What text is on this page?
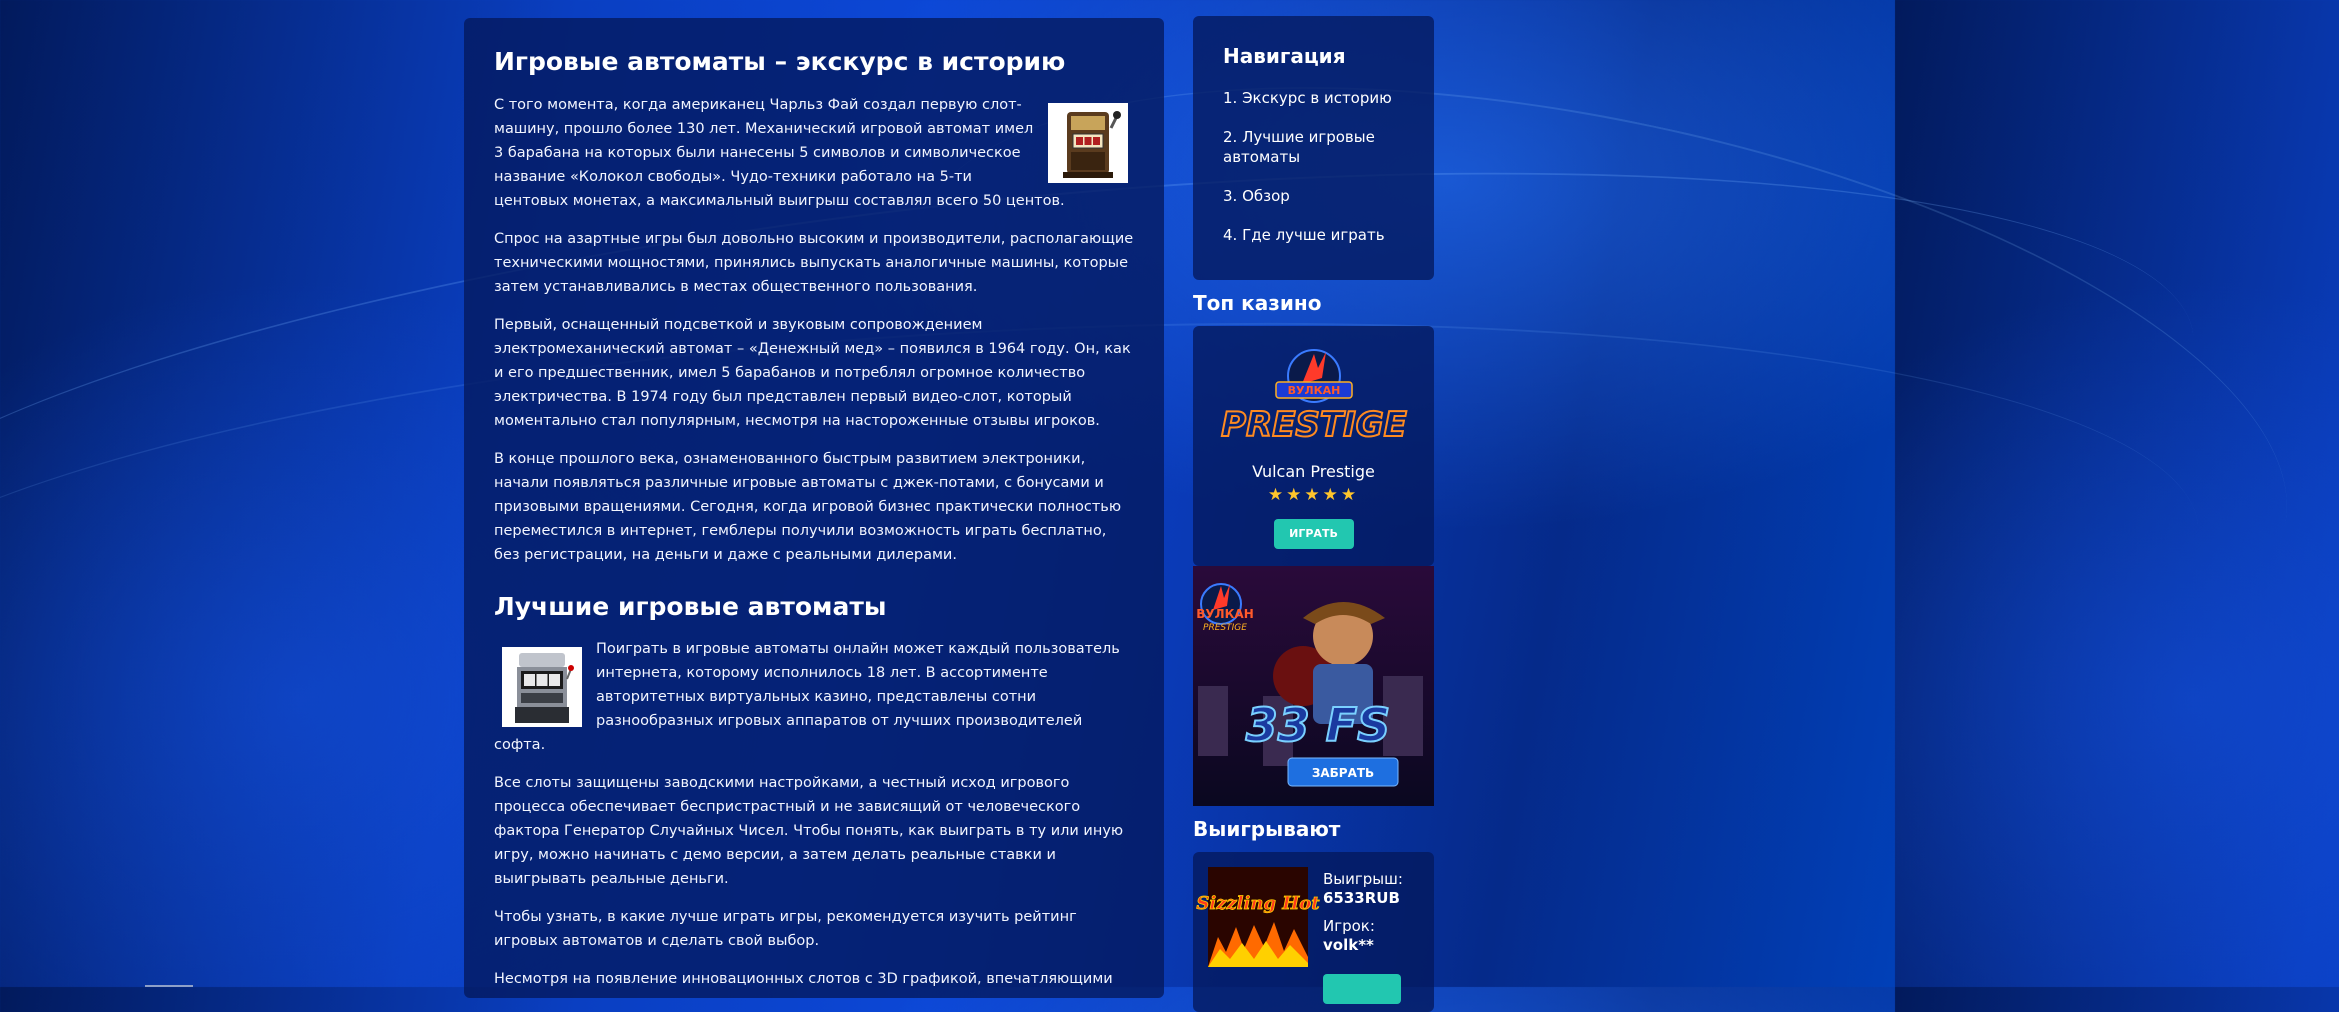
Игровые автоматы – экскурс в историю

С того момента, когда американец Чарльз Фай создал первую слот-машину, прошло более 130 лет. Механический игровой автомат имел 3 барабана на которых были нанесены 5 символов и символическое название «Колокол свободы». Чудо-техники работало на 5-ти центовых монетах, а максимальный выигрыш составлял всего 50 центов.

Спрос на азартные игры был довольно высоким и производители, располагающие техническими мощностями, принялись выпускать аналогичные машины, которые затем устанавливались в местах общественного пользования.

Первый, оснащенный подсветкой и звуковым сопровождением электромеханический автомат – «Денежный мед» – появился в 1964 году. Он, как и его предшественник, имел 5 барабанов и потреблял огромное количество электричества. В 1974 году был представлен первый видео-слот, который моментально стал популярным, несмотря на настороженные отзывы игроков.

В конце прошлого века, ознаменованного быстрым развитием электроники, начали появляться различные игровые автоматы с джек-потами, с бонусами и призовыми вращениями. Сегодня, когда игровой бизнес практически полностью переместился в интернет, гемблеры получили возможность играть бесплатно, без регистрации, на деньги и даже с реальными дилерами.

Лучшие игровые автоматы

Поиграть в игровые автоматы онлайн может каждый пользователь интернета, которому исполнилось 18 лет. В ассортименте авторитетных виртуальных казино, представлены сотни разнообразных игровых аппаратов от лучших производителей софта.

Все слоты защищены заводскими настройками, а честный исход игрового процесса обеспечивает беспристрастный и не зависящий от человеческого фактора Генератор Случайных Чисел. Чтобы понять, как выиграть в ту или иную игру, можно начинать с демо версии, а затем делать реальные ставки и выигрывать реальные деньги.

Чтобы узнать, в какие лучше играть игры, рекомендуется изучить рейтинг игровых автоматов и сделать свой выбор.

Несмотря на появление инновационных слотов с 3D графикой, впечатляющими

Навигация
1. Экскурс в историю
2. Лучшие игровые автоматы
3. Обзор
4. Где лучше играть
Топ казино
ВУЛКАН
PRESTIGE
Vulcan Prestige
★★★★★
ИГРАТЬ
ВУЛКАН
PRESTIGE
33 FS
ЗАБРАТЬ
Выигрывают
Sizzling Hot
Выигрыш:
6533RUB
Игрок:
volk**
